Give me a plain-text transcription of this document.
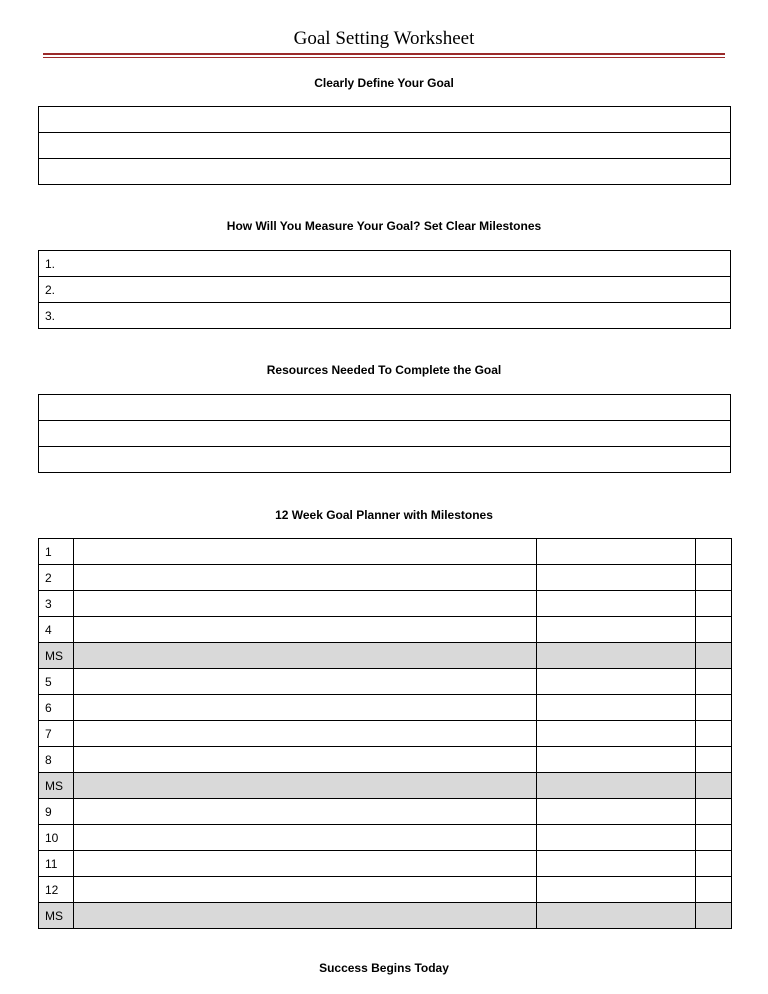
Goal Setting Worksheet
Clearly Define Your Goal

How Will You Measure Your Goal? Set Clear Milestones
1.
2.
3.
Resources Needed To Complete the Goal

12 Week Goal Planner with Milestones
1			
2			
3			
4			
MS			
5			
6			
7			
8			
MS			
9			
10			
11			
12			
MS			
Success Begins Today
